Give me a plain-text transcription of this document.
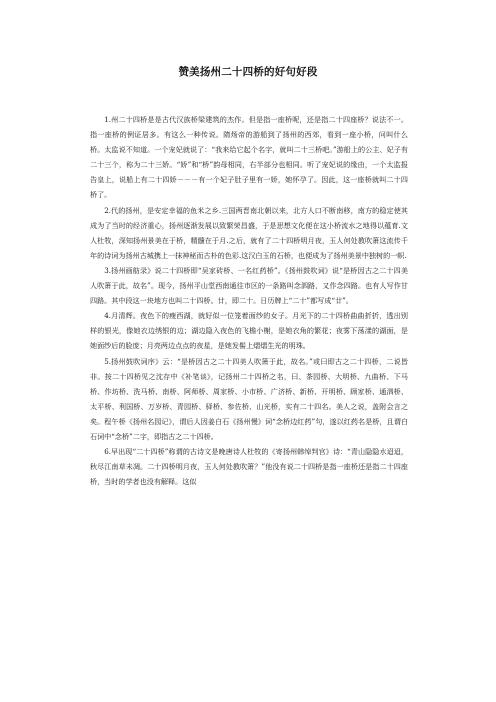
赞美扬州二十四桥的好句好段

1.州二十四桥是是古代汉族桥梁建筑的杰作。但是指一座桥呢，还是指二十四座桥？说法不一。指一座桥的例证居多。有这么一种传说。隋炀帝的游船到了扬州的西郊，看到一座小桥，问叫什么桥。太监说不知道。一个宠妃就说了：“我来给它起个名字，就叫二十三桥吧。”游船上的公主、妃子有二十三个，称为二十三娇。“娇”和“桥”韵母相同，右半部分也相同。听了宠妃说的缘由，一个太监报告皇上，说船上有二十四娇－－－有一个妃子肚子里有一娇，她怀孕了。因此，这一座桥就叫二十四桥了。

2.代的扬州，是安定幸福的鱼米之乡.三国两晋南北朝以来，北方人口不断南移，南方的稳定使其成为了当时的经济重心，扬州逐渐发展以致繁荣昌盛，于是思想文化便在这小桥流水之地得以蕴育.文人杜牧，深知扬州景美在于桥，精髓在于月.之后，就有了二十四桥明月夜，玉人何处教吹箫这流传千年的诗词为扬州古城携上一抹神秘而古朴的色彩.这汉白玉的石桥，也便成为了扬州美景中独树的一帜.

3.扬州画舫录》说二十四桥即“吴家砖桥、一名红药桥”。《扬州鼓吹词》说“是桥因古之二十四美人吹箫于此，故名”。现今，扬州平山堂西南通往市区的一条路叫念泗路，又作念四路。也有人写作甘四路。其中段这一块地方也叫二十四桥。廿，即二十。日历牌上“二十”都写成“廿”。

4.月清辉。夜色下的瘦西湖，就好似一位笼着面纱的女子。月光下的二十四桥曲曲折折，透出别样的银光，像她衣边绣银的边；湖边隐入夜色的飞檐小榭，是她衣角的繁花；夜雾下荡漾的湖面，是她面纱后的脸庞；月亮两边点点的夜星，是她发髻上熠熠生光的明珠。

5.扬州鼓吹词序》云：“是桥因古之二十四美人吹箫于此，故名。”或曰即古之二十四桥，二说皆非。按二十四桥见之沈存中《补笔谈》，记扬州二十四桥之名，曰、茶园桥、大明桥、九曲桥、下马桥、作坊桥、洗马桥、南桥、阿师桥、周家桥、小市桥、广济桥、新桥、开明桥、顾家桥、通泗桥、太平桥、利国桥、万岁桥、青园桥、驿桥、参佐桥、山光桥，实有二十四名。美人之说，盖附会言之矣。程午桥《扬州名园记》，谓后人因姜白石《扬州慢》词“念桥边红药”句，遂以红药名是桥，且谓白石词中“念桥”二字，即指古之二十四桥。

6.早出现“二十四桥”称谓的古诗文是晚唐诗人杜牧的《寄扬州韩绰判官》诗：“青山隐隐水迢迢，秋尽江南草未凋。二十四桥明月夜，玉人何处教吹箫？”他没有说二十四桥是指一座桥还是指二十四座桥，当时的学者也没有解释。这似
